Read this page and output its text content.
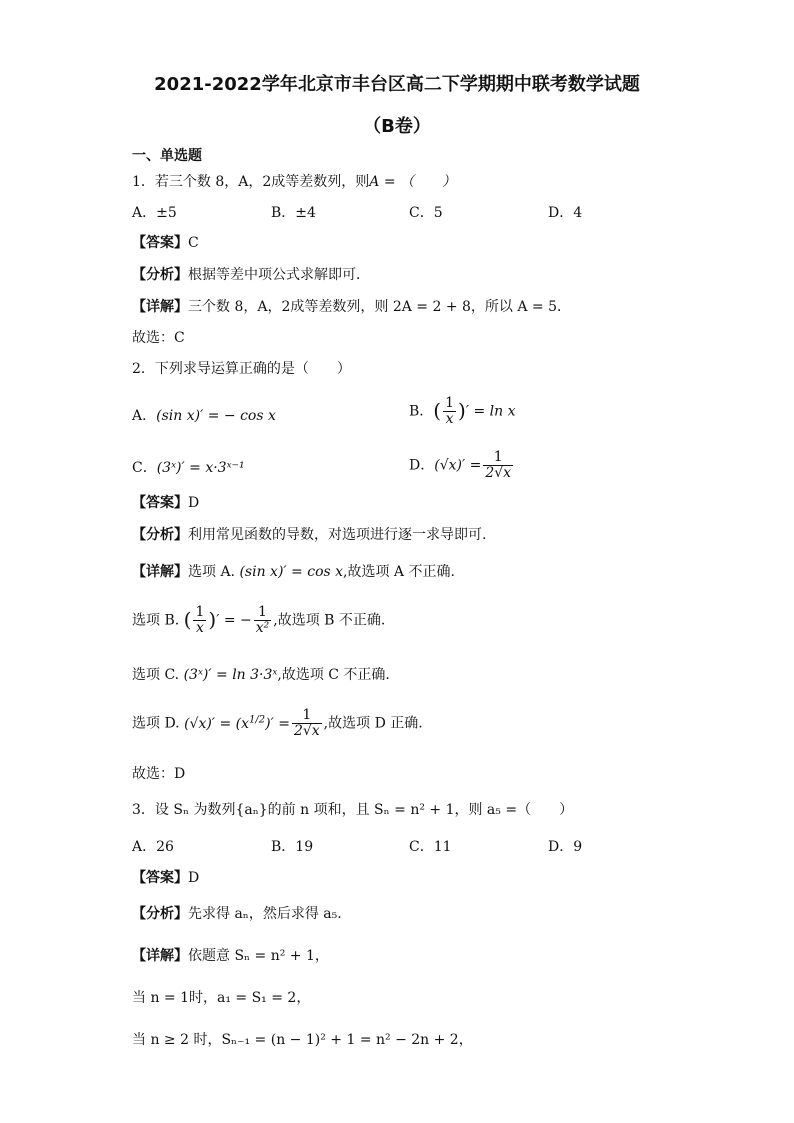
2021-2022学年北京市丰台区高二下学期期中联考数学试题
（B卷）
一、单选题
1．若三个数 8，A，2成等差数列，则A = （　　）
A．±5	B．±4	C．5	D．4
【答案】C
【分析】根据等差中项公式求解即可．
【详解】三个数 8，A，2成等差数列，则 2A = 2 + 8，所以 A = 5．
故选：C
2．下列求导运算正确的是（　　）
A．(sin x)′ = − cos x	B．( $\frac{1}{x}$ )′ = ln x
C．(3ˣ)′ = x·3ˣ⁻¹	D．$(√x)' = \frac{1}{2√x}$
【答案】D
【分析】利用常见函数的导数，对选项进行逐一求导即可.
【详解】选项 A. (sin x)′ = cos x,故选项 A 不正确.
选项 B. ( $\frac{1}{x}$ )′ = − $\frac{1}{\text{x²}}$ ,故选项 B 不正确.
选项 C. (3ˣ)′ = ln 3·3ˣ,故选项 C 不正确.
选项 D. $(√x)' = (x^{1/2})' = \frac{1}{2√x}$ ,故选项 D 正确.
故选：D
3．设 Sₙ 为数列{aₙ}的前 n 项和，且 Sₙ = n² + 1，则 a₅ =（　　）
A．26	B．19	C．11	D．9
【答案】D
【分析】先求得 aₙ，然后求得 a₅.
【详解】依题意 Sₙ = n² + 1，
当 n = 1时，a₁ = S₁ = 2，
当 n ≥ 2 时，Sₙ₋₁ = (n − 1)² + 1 = n² − 2n + 2，
